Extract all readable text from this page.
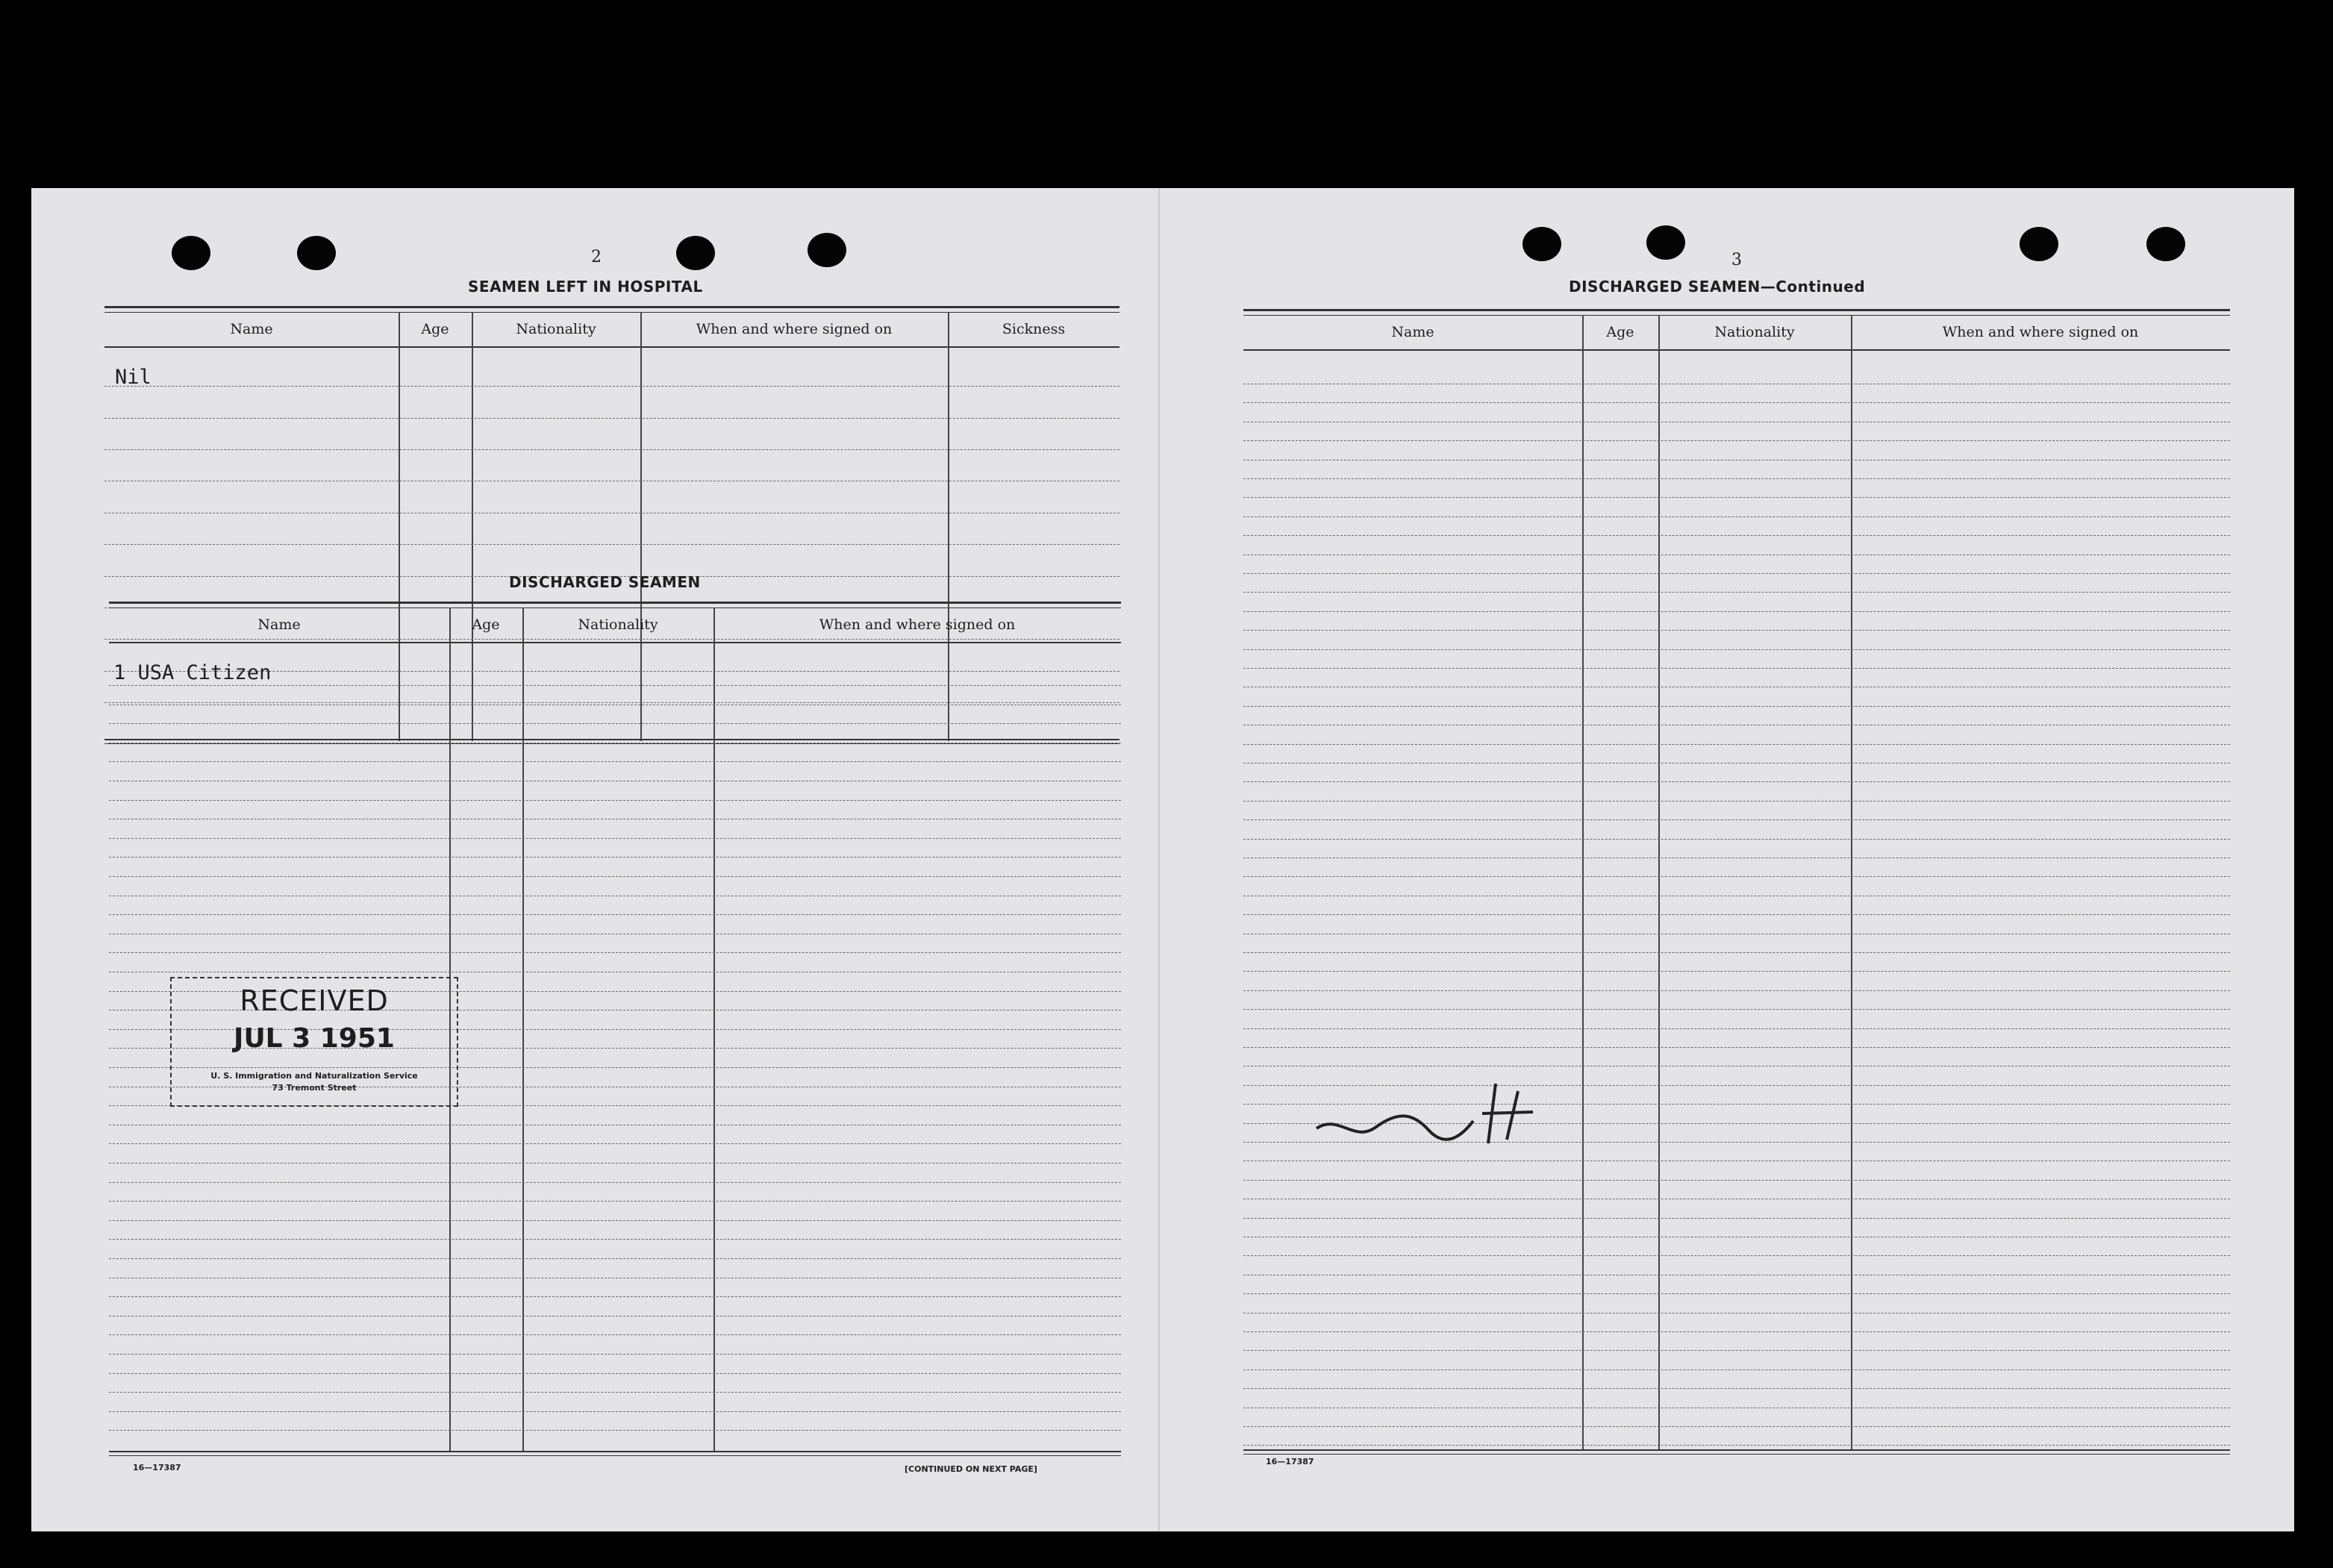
2
SEAMEN LEFT IN HOSPITAL
Name	Age	Nationality	When and where signed on	Sickness
Nil
DISCHARGED SEAMEN
Name	Age	Nationality	When and where signed on
1 USA Citizen
RECEIVED
JUL 3 1951
U. S. Immigration and Naturalization Service
73 Tremont Street
16—17387	[CONTINUED ON NEXT PAGE]
3
DISCHARGED SEAMEN—Continued
Name	Age	Nationality	When and where signed on
16—17387
